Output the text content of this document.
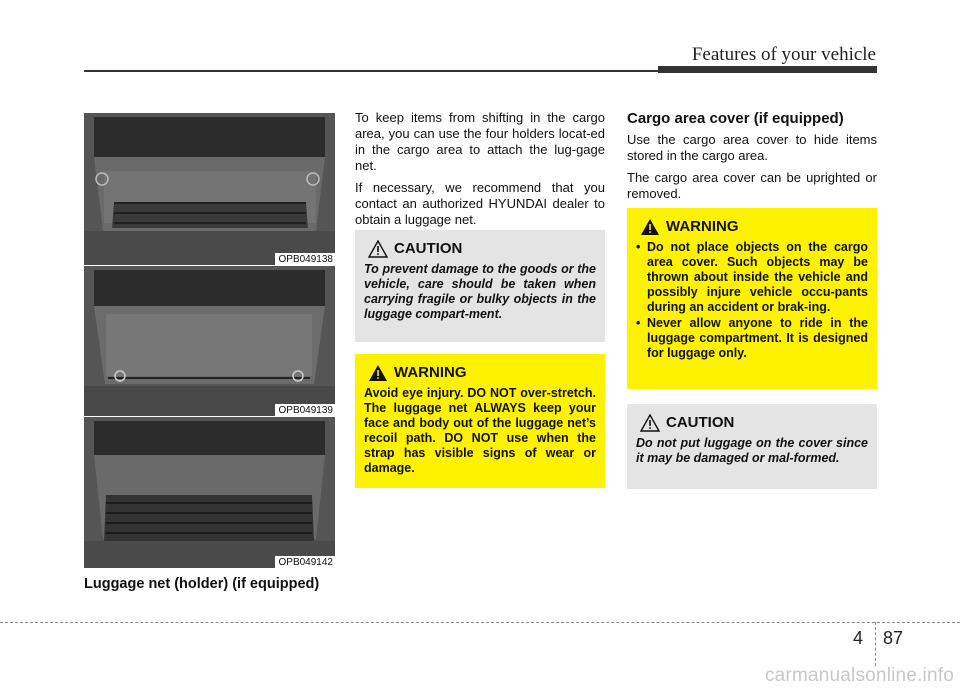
Features of your vehicle
OPB049138
OPB049139
OPB049142
Luggage net (holder) (if equipped)

To keep items from shifting in the cargo area, you can use the four holders locat-ed in the cargo area to attach the lug-gage net.

If necessary, we recommend that you contact an authorized HYUNDAI dealer to obtain a luggage net.

CAUTION
To prevent damage to the goods or the vehicle, care should be taken when carrying fragile or bulky objects in the luggage compart-ment.
WARNING
Avoid eye injury. DO NOT over-stretch. The luggage net ALWAYS keep your face and body out of the luggage net’s recoil path. DO NOT use when the strap has visible signs of wear or damage.
Cargo area cover (if equipped)

Use the cargo area cover to hide items stored in the cargo area.

The cargo area cover can be uprighted or removed.

WARNING
• Do not place objects on the cargo area cover. Such objects may be thrown about inside the vehicle and possibly injure vehicle occu-pants during an accident or brak-ing.
• Never allow anyone to ride in the luggage compartment. It is designed for luggage only.
CAUTION
Do not put luggage on the cover since it may be damaged or mal-formed.
4 87
carmanualsonline.info
